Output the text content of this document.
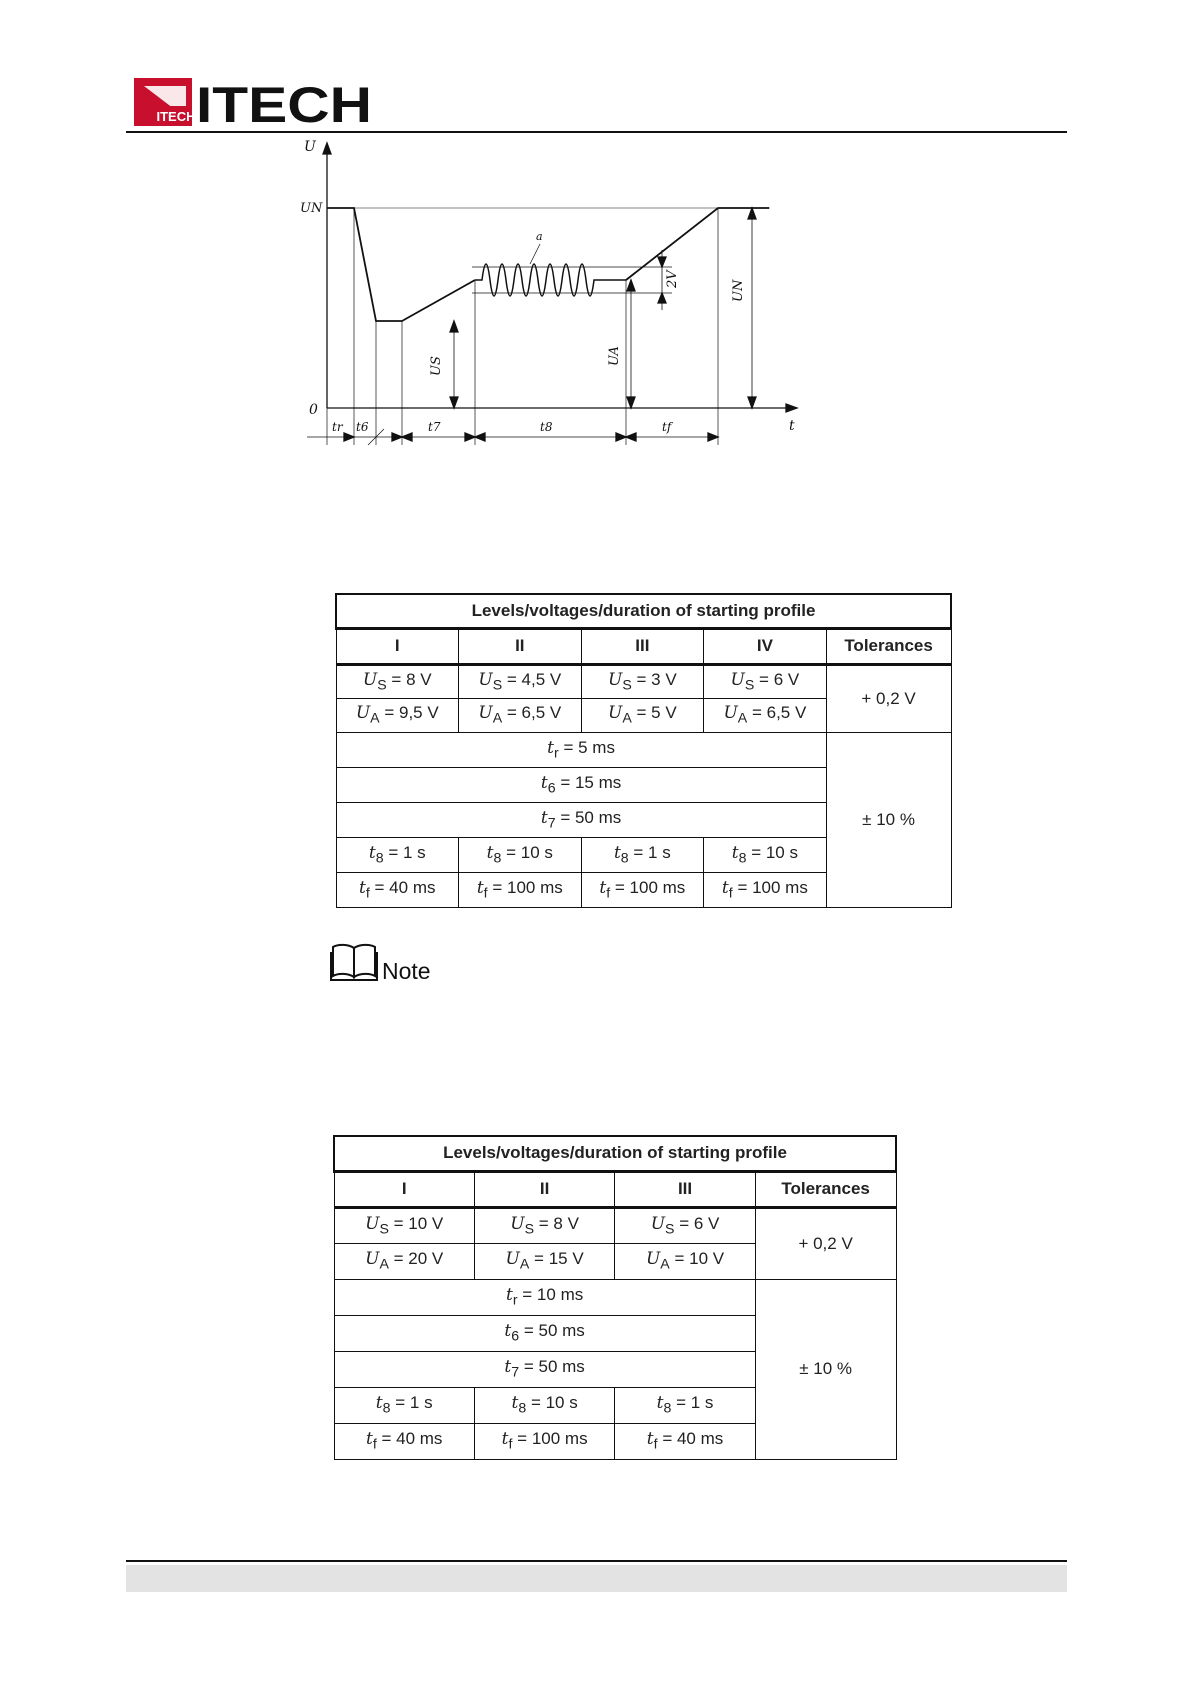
ITECH ITECH
U
t
0
UN
a
2V
US
UA
UN
tr t6	t7	t8	tf
Levels/voltages/duration of starting profile				
I	II	III	IV	Tolerances
$U_S = 8$ V	$U_S = 4,5$ V	$U_S = 3$ V	$U_S = 6$ V	+ 0,2 V
$U_A = 9,5$ V	$U_A = 6,5$ V	$U_A = 5$ V	$U_A = 6,5$ V	
$t_r = 5$ ms				± 10 %
$t_6 = 15$ ms				
$t_7 = 50$ ms				
$t_8 = 1$ s	$t_8 = 10$ s	$t_8 = 1$ s	$t_8 = 10$ s	
$t_f = 40$ ms	$t_f = 100$ ms	$t_f = 100$ ms	$t_f = 100$ ms	
Note
Levels/voltages/duration of starting profile			
I	II	III	Tolerances
$U_S = 10$ V	$U_S = 8$ V	$U_S = 6$ V	+ 0,2 V
$U_A = 20$ V	$U_A = 15$ V	$U_A = 10$ V	
$t_r = 10$ ms			± 10 %
$t_6 = 50$ ms			
$t_7 = 50$ ms			
$t_8 = 1$ s	$t_8 = 10$ s	$t_8 = 1$ s	
$t_f = 40$ ms	$t_f = 100$ ms	$t_f = 40$ ms	
